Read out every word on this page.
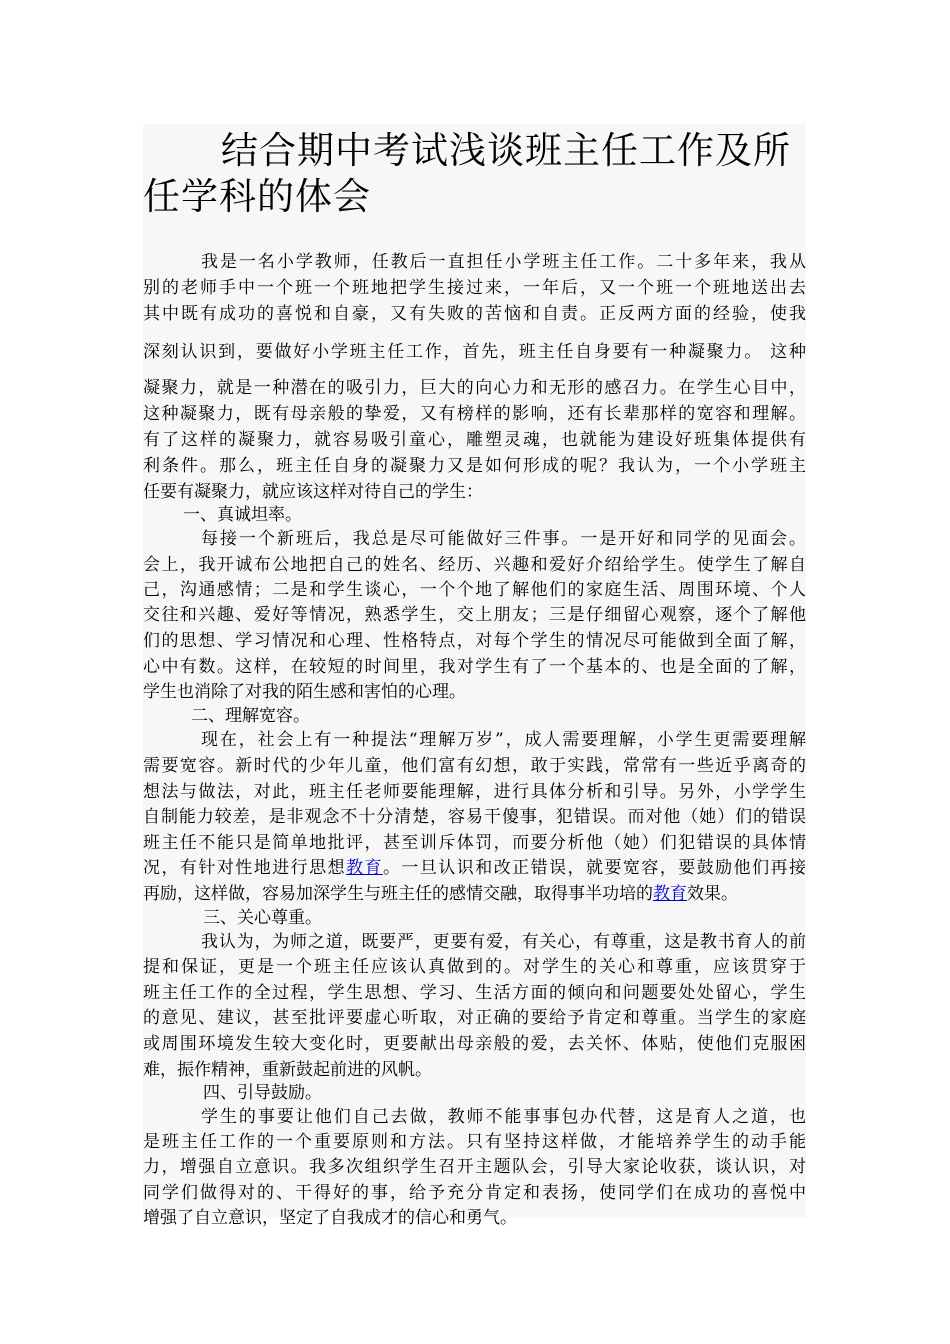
结合期中考试浅谈班主任工作及所任学科的体会
我是一名小学教师，任教后一直担任小学班主任工作。二十多年来，我从
别的老师手中一个班一个班地把学生接过来，一年后，又一个班一个班地送出去
其中既有成功的喜悦和自豪，又有失败的苦恼和自责。正反两方面的经验，使我
深刻认识到，要做好小学班主任工作，首先，班主任自身要有一种凝聚力。 这种
凝聚力，就是一种潜在的吸引力，巨大的向心力和无形的感召力。在学生心目中，
这种凝聚力，既有母亲般的挚爱，又有榜样的影响，还有长辈那样的宽容和理解。
有了这样的凝聚力，就容易吸引童心，雕塑灵魂，也就能为建设好班集体提供有
利条件。那么，班主任自身的凝聚力又是如何形成的呢？我认为，一个小学班主
任要有凝聚力，就应该这样对待自己的学生：
一、真诚坦率。
每接一个新班后，我总是尽可能做好三件事。一是开好和同学的见面会。
会上，我开诚布公地把自己的姓名、经历、兴趣和爱好介绍给学生。使学生了解自
己，沟通感情；二是和学生谈心，一个个地了解他们的家庭生活、周围环境、个人
交往和兴趣、爱好等情况，熟悉学生，交上朋友；三是仔细留心观察，逐个了解他
们的思想、学习情况和心理、性格特点，对每个学生的情况尽可能做到全面了解，
心中有数。这样，在较短的时间里，我对学生有了一个基本的、也是全面的了解，
学生也消除了对我的陌生感和害怕的心理。
二、理解宽容。
现在，社会上有一种提法“理解万岁”，成人需要理解，小学生更需要理解
需要宽容。新时代的少年儿童，他们富有幻想，敢于实践，常常有一些近乎离奇的
想法与做法，对此，班主任老师要能理解，进行具体分析和引导。另外，小学学生
自制能力较差，是非观念不十分清楚，容易干傻事，犯错误。而对他（她）们的错误
班主任不能只是简单地批评，甚至训斥体罚，而要分析他（她）们犯错误的具体情
况，有针对性地进行思想教育。一旦认识和改正错误，就要宽容，要鼓励他们再接
再励，这样做，容易加深学生与班主任的感情交融，取得事半功培的教育效果。
三、关心尊重。
我认为，为师之道，既要严，更要有爱，有关心，有尊重，这是教书育人的前
提和保证，更是一个班主任应该认真做到的。对学生的关心和尊重，应该贯穿于
班主任工作的全过程，学生思想、学习、生活方面的倾向和问题要处处留心，学生
的意见、建议，甚至批评要虚心听取，对正确的要给予肯定和尊重。当学生的家庭
或周围环境发生较大变化时，更要献出母亲般的爱，去关怀、体贴，使他们克服困
难，振作精神，重新鼓起前进的风帆。
四、引导鼓励。
学生的事要让他们自己去做，教师不能事事包办代替，这是育人之道，也
是班主任工作的一个重要原则和方法。只有坚持这样做，才能培养学生的动手能
力，增强自立意识。我多次组织学生召开主题队会，引导大家论收获，谈认识，对
同学们做得对的、干得好的事，给予充分肯定和表扬，使同学们在成功的喜悦中
增强了自立意识，坚定了自我成才的信心和勇气。
